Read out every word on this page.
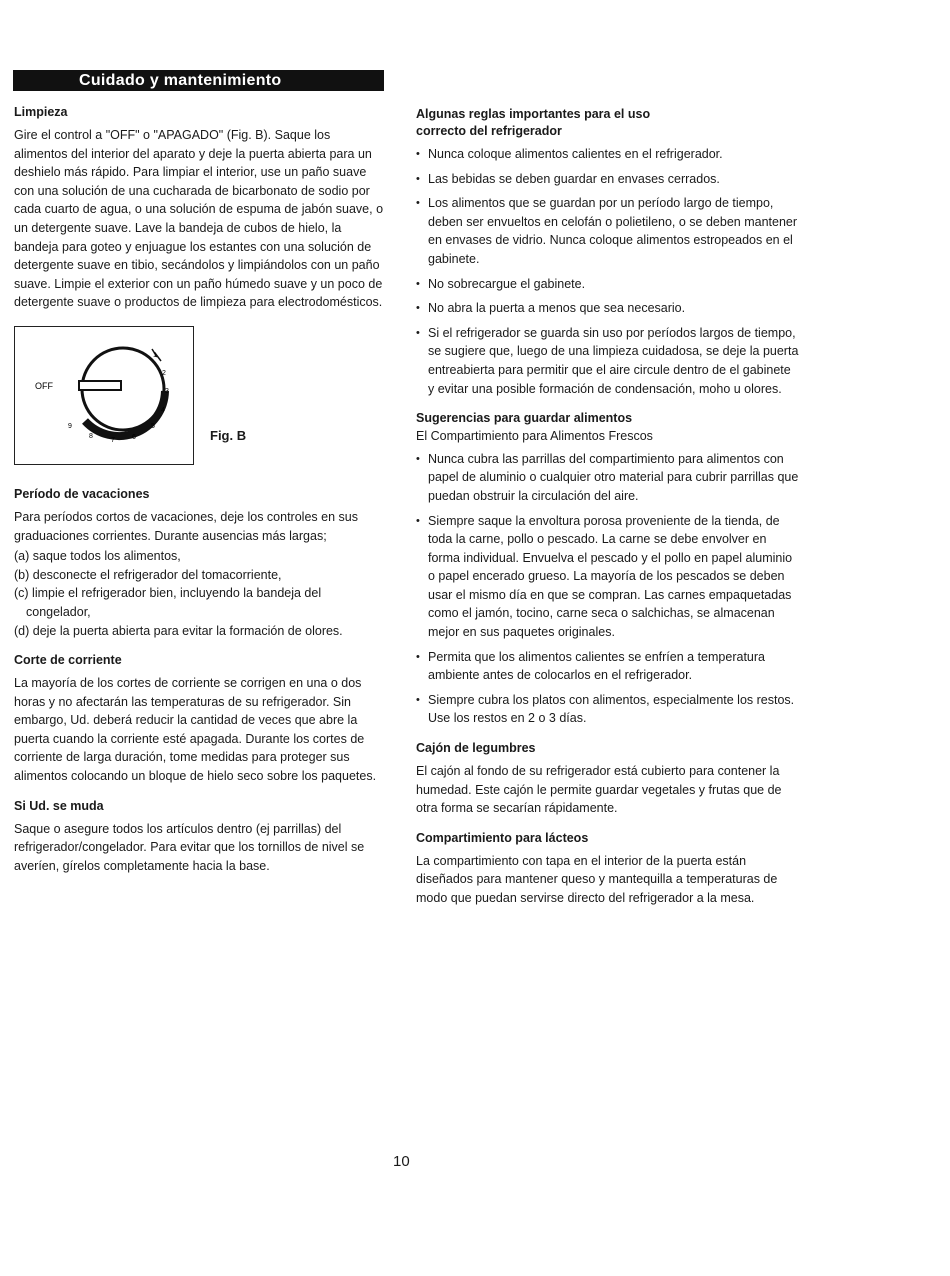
Cuidado y mantenimiento
Limpieza

Gire el control a "OFF" o "APAGADO" (Fig. B). Saque los alimentos del interior del aparato y deje la puerta abierta para un deshielo más rápido. Para limpiar el interior, use un paño suave con una solución de una cucharada de bicarbonato de sodio por cada cuarto de agua, o una solución de espuma de jabón suave, o un detergente suave. Lave la bandeja de cubos de hielo, la bandeja para goteo y enjuague los estantes con una solución de detergente suave en tibio, secándolos y limpiándolos con un paño suave. Limpie el exterior con un paño húmedo suave y un poco de detergente suave o productos de limpieza para electrodomésticos.

OFF
1
2
3
4
5
6
7
8
9
Fig. B
Período de vacaciones

Para períodos cortos de vacaciones, deje los controles en sus graduaciones corrientes. Durante ausencias más largas;

(a) saque todos los alimentos,
(b) desconecte el refrigerador del tomacorriente,
(c) limpie el refrigerador bien, incluyendo la bandeja del congelador,
(d) deje la puerta abierta para evitar la formación de olores.
Corte de corriente

La mayoría de los cortes de corriente se corrigen en una o dos horas y no afectarán las temperaturas de su refrigerador. Sin embargo, Ud. deberá reducir la cantidad de veces que abre la puerta cuando la corriente esté apagada. Durante los cortes de corriente de larga duración, tome medidas para proteger sus alimentos colocando un bloque de hielo seco sobre los paquetes.

Si Ud. se muda

Saque o asegure todos los artículos dentro (ej parrillas) del refrigerador/congelador. Para evitar que los tornillos de nivel se averíen, gírelos completamente hacia la base.

Algunas reglas importantes para el uso
correcto del refrigerador
• Nunca coloque alimentos calientes en el refrigerador.
• Las bebidas se deben guardar en envases cerrados.
• Los alimentos que se guardan por un período largo de tiempo, deben ser envueltos en celofán o polietileno, o se deben mantener en envases de vidrio. Nunca coloque alimentos estropeados en el gabinete.
• No sobrecargue el gabinete.
• No abra la puerta a menos que sea necesario.
• Si el refrigerador se guarda sin uso por períodos largos de tiempo, se sugiere que, luego de una limpieza cuidadosa, se deje la puerta entreabierta para permitir que el aire circule dentro de el gabinete y evitar una posible formación de condensación, moho u olores.
Sugerencias para guardar alimentos
El Compartimiento para Alimentos Frescos
• Nunca cubra las parrillas del compartimiento para alimentos con papel de aluminio o cualquier otro material para cubrir parrillas que puedan obstruir la circulación del aire.
• Siempre saque la envoltura porosa proveniente de la tienda, de toda la carne, pollo o pescado. La carne se debe envolver en forma individual. Envuelva el pescado y el pollo en papel aluminio o papel encerado grueso. La mayoría de los pescados se deben usar el mismo día en que se compran. Las carnes empaquetadas como el jamón, tocino, carne seca o salchichas, se almacenan mejor en sus paquetes originales.
• Permita que los alimentos calientes se enfríen a temperatura ambiente antes de colocarlos en el refrigerador.
• Siempre cubra los platos con alimentos, especialmente los restos. Use los restos en 2 o 3 días.
Cajón de legumbres

El cajón al fondo de su refrigerador está cubierto para contener la humedad. Este cajón le permite guardar vegetales y frutas que de otra forma se secarían rápidamente.

Compartimiento para lácteos

La compartimiento con tapa en el interior de la puerta están diseñados para mantener queso y mantequilla a temperaturas de modo que puedan servirse directo del refrigerador a la mesa.

10
